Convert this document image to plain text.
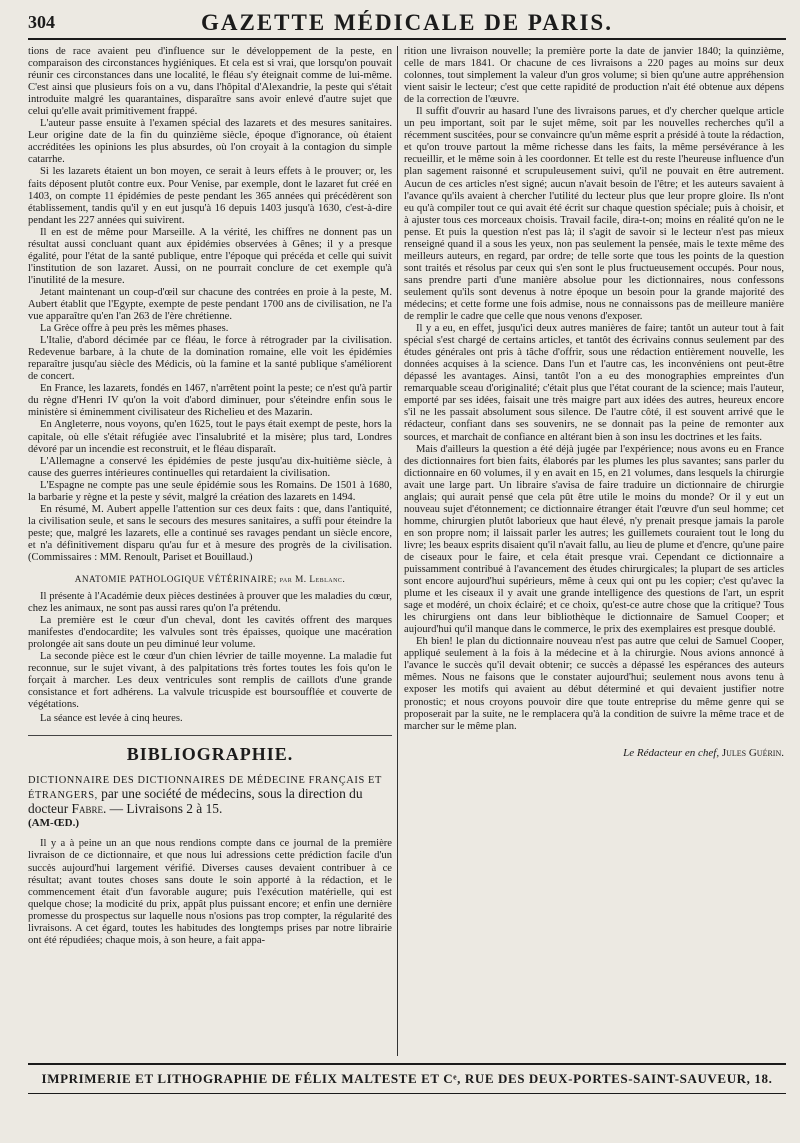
304	GAZETTE MÉDICALE DE PARIS.

tions de race avaient peu d'influence sur le développement de la peste, en comparaison des circonstances hygiéniques. Et cela est si vrai, que lorsqu'on pouvait réunir ces circonstances dans une localité, le fléau s'y éteignait comme de lui-même. C'est ainsi que plusieurs fois on a vu, dans l'hôpital d'Alexandrie, la peste qui s'était introduite malgré les quarantaines, disparaître sans avoir enlevé d'autre sujet que celui qu'elle avait primitivement frappé.

L'auteur passe ensuite à l'examen spécial des lazarets et des mesures sanitaires. Leur origine date de la fin du quinzième siècle, époque d'ignorance, où étaient accréditées les opinions les plus absurdes, où l'on croyait à la contagion du simple catarrhe.

Si les lazarets étaient un bon moyen, ce serait à leurs effets à le prouver; or, les faits déposent plutôt contre eux. Pour Venise, par exemple, dont le lazaret fut créé en 1403, on compte 11 épidémies de peste pendant les 365 années qui précédèrent son établissement, tandis qu'il y en eut jusqu'à 16 depuis 1403 jusqu'à 1630, c'est-à-dire pendant les 227 années qui suivirent.

Il en est de même pour Marseille. A la vérité, les chiffres ne donnent pas un résultat aussi concluant quant aux épidémies observées à Gênes; il y a presque égalité, pour l'état de la santé publique, entre l'époque qui précéda et celle qui suivit l'institution de son lazaret. Aussi, on ne pourrait conclure de cet exemple qu'à l'inutilité de la mesure.

Jetant maintenant un coup-d'œil sur chacune des contrées en proie à la peste, M. Aubert établit que l'Egypte, exempte de peste pendant 1700 ans de civilisation, ne l'a vue apparaître qu'en l'an 263 de l'ère chrétienne.

La Grèce offre à peu près les mêmes phases.

L'Italie, d'abord décimée par ce fléau, le force à rétrograder par la civilisation. Redevenue barbare, à la chute de la domination romaine, elle voit les épidémies reparaître jusqu'au siècle des Médicis, où la famine et la santé publique s'améliorent de concert.

En France, les lazarets, fondés en 1467, n'arrêtent point la peste; ce n'est qu'à partir du règne d'Henri IV qu'on la voit d'abord diminuer, pour s'éteindre enfin sous le ministère si éminemment civilisateur des Richelieu et des Mazarin.

En Angleterre, nous voyons, qu'en 1625, tout le pays était exempt de peste, hors la capitale, où elle s'était réfugiée avec l'insalubrité et la misère; plus tard, Londres dévoré par un incendie est reconstruit, et le fléau disparaît.

L'Allemagne a conservé les épidémies de peste jusqu'au dix-huitième siècle, à cause des guerres intérieures continuelles qui retardaient la civilisation.

L'Espagne ne compte pas une seule épidémie sous les Romains. De 1501 à 1680, la barbarie y règne et la peste y sévit, malgré la création des lazarets en 1494.

En résumé, M. Aubert appelle l'attention sur ces deux faits : que, dans l'antiquité, la civilisation seule, et sans le secours des mesures sanitaires, a suffi pour éteindre la peste; que, malgré les lazarets, elle a continué ses ravages pendant un siècle encore, et n'a définitivement disparu qu'au fur et à mesure des progrès de la civilisation. (Commissaires : MM. Renoult, Pariset et Bouillaud.)

ANATOMIE PATHOLOGIQUE VÉTÉRINAIRE; par M. Leblanc.

Il présente à l'Académie deux pièces destinées à prouver que les maladies du cœur, chez les animaux, ne sont pas aussi rares qu'on l'a prétendu.

La première est le cœur d'un cheval, dont les cavités offrent des marques manifestes d'endocardite; les valvules sont très épaisses, quoique une macération prolongée ait sans doute un peu diminué leur volume.

La seconde pièce est le cœur d'un chien lévrier de taille moyenne. La maladie fut reconnue, sur le sujet vivant, à des palpitations très fortes toutes les fois qu'on le forçait à marcher. Les deux ventricules sont remplis de caillots d'une grande consistance et fort adhérens. La valvule tricuspide est boursoufflée et couverte de végétations.

La séance est levée à cinq heures.

BIBLIOGRAPHIE.
DICTIONNAIRE DES DICTIONNAIRES DE MÉDECINE FRANÇAIS ET ÉTRANGERS, par une société de médecins, sous la direction du docteur Fabre. — Livraisons 2 à 15.
(AM-ŒD.)

Il y a à peine un an que nous rendions compte dans ce journal de la première livraison de ce dictionnaire, et que nous lui adressions cette prédiction facile d'un succès aujourd'hui largement vérifié. Diverses causes devaient contribuer à ce résultat; avant toutes choses sans doute le soin apporté à la rédaction, et le commencement était d'un favorable augure; puis l'exécution matérielle, qui est quelque chose; la modicité du prix, appât plus puissant encore; et enfin une dernière promesse du prospectus sur laquelle nous n'osions pas trop compter, la régularité des livraisons. A cet égard, toutes les habitudes des longtemps prises par notre librairie ont été répudiées; chaque mois, à son heure, a fait appa-

rition une livraison nouvelle; la première porte la date de janvier 1840; la quinzième, celle de mars 1841. Or chacune de ces livraisons a 220 pages au moins sur deux colonnes, tout simplement la valeur d'un gros volume; si bien qu'une autre appréhension vient saisir le lecteur; c'est que cette rapidité de production n'ait été obtenue aux dépens de la correction de l'œuvre.

Il suffit d'ouvrir au hasard l'une des livraisons parues, et d'y chercher quelque article un peu important, soit par le sujet même, soit par les nouvelles recherches qu'il a récemment suscitées, pour se convaincre qu'un même esprit a présidé à toute la rédaction, et qu'on trouve partout la même richesse dans les faits, la même persévérance à les recueillir, et le même soin à les coordonner. Et telle est du reste l'heureuse influence d'un plan sagement raisonné et scrupuleusement suivi, qu'il ne pouvait en être autrement. Aucun de ces articles n'est signé; aucun n'avait besoin de l'être; et les auteurs savaient à l'avance qu'ils avaient à chercher l'utilité du lecteur plus que leur propre gloire. Ils n'ont eu qu'à compiler tout ce qui avait été écrit sur chaque question spéciale; puis à choisir, et à ajuster tous ces morceaux choisis. Travail facile, dira-t-on; moins en réalité qu'on ne le pense. Et puis la question n'est pas là; il s'agit de savoir si le lecteur n'est pas mieux renseigné quand il a sous les yeux, non pas seulement la pensée, mais le texte même des meilleurs auteurs, en regard, par ordre; de telle sorte que tous les points de la question sont traités et résolus par ceux qui s'en sont le plus fructueusement occupés. Pour nous, sans prendre parti d'une manière absolue pour les dictionnaires, nous confessons seulement qu'ils sont devenus à notre époque un besoin pour la grande majorité des médecins; et cette forme une fois admise, nous ne connaissons pas de meilleure manière de remplir le cadre que celle que nous venons d'exposer.

Il y a eu, en effet, jusqu'ici deux autres manières de faire; tantôt un auteur tout à fait spécial s'est chargé de certains articles, et tantôt des écrivains connus seulement par des études générales ont pris à tâche d'offrir, sous une rédaction entièrement nouvelle, les données acquises à la science. Dans l'un et l'autre cas, les inconvéniens ont peut-être dépassé les avantages. Ainsi, tantôt l'on a eu des monographies empreintes d'un remarquable sceau d'originalité; c'était plus que l'état courant de la science; mais l'auteur, emporté par ses idées, faisait une très maigre part aux idées des autres, heureux encore s'il ne les passait absolument sous silence. De l'autre côté, il est souvent arrivé que le rédacteur, confiant dans ses souvenirs, ne se donnait pas la peine de remonter aux sources, et marchait de confiance en altérant bien à son insu les doctrines et les faits.

Mais d'ailleurs la question a été déjà jugée par l'expérience; nous avons eu en France des dictionnaires fort bien faits, élaborés par les plumes les plus savantes; sans parler du dictionnaire en 60 volumes, il y en avait en 15, en 21 volumes, dans lesquels la chirurgie avait une large part. Un libraire s'avisa de faire traduire un dictionnaire de chirurgie anglais; qui aurait pensé que cela pût être utile le moins du monde? Or il y eut un nouveau sujet d'étonnement; ce dictionnaire étranger était l'œuvre d'un seul homme; cet homme, chirurgien plutôt laborieux que haut élevé, n'y prenait presque jamais la parole en son propre nom; il laissait parler les autres; les guillemets couraient tout le long du livre; les beaux esprits disaient qu'il n'avait fallu, au lieu de plume et d'encre, qu'une paire de ciseaux pour le faire, et cela était presque vrai. Cependant ce dictionnaire a puissamment contribué à l'avancement des études chirurgicales; la plupart de ses articles sont encore aujourd'hui supérieurs, même à ceux qui ont pu les copier; c'est qu'avec la plume et les ciseaux il y avait une grande intelligence des questions de l'art, un esprit sage et modéré, un choix éclairé; et ce choix, qu'est-ce autre chose que la critique? Tous les chirurgiens ont dans leur bibliothèque le dictionnaire de Samuel Cooper; et aujourd'hui qu'il manque dans le commerce, le prix des exemplaires est presque doublé.

Eh bien! le plan du dictionnaire nouveau n'est pas autre que celui de Samuel Cooper, appliqué seulement à la fois à la médecine et à la chirurgie. Nous avions annoncé à l'avance le succès qu'il devait obtenir; ce succès a dépassé les espérances des auteurs mêmes. Nous ne faisons que le constater aujourd'hui; seulement nous avons tenu à exposer les motifs qui avaient au début déterminé et qui devaient justifier notre pronostic; et nous croyons pouvoir dire que toute entreprise du même genre qui se proposerait par la suite, ne le remplacera qu'à la condition de suivre la même trace et de marcher sur le même plan.

Le Rédacteur en chef, Jules Guérin.
IMPRIMERIE ET LITHOGRAPHIE DE FÉLIX MALTESTE ET Cᵉ, RUE DES DEUX-PORTES-SAINT-SAUVEUR, 18.
